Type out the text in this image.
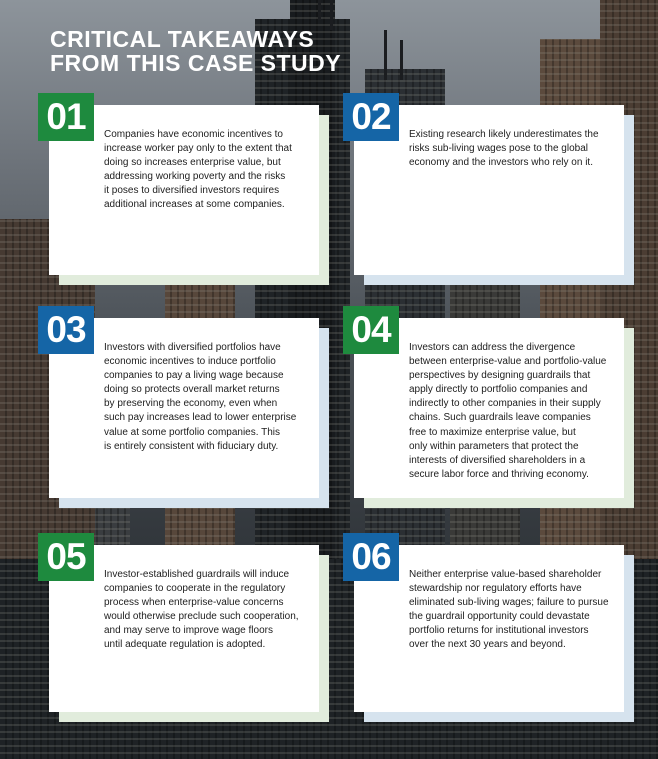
CRITICAL TAKEAWAYS
FROM THIS CASE STUDY
01	Companies have economic incentives to
increase worker pay only to the extent that
doing so increases enterprise value, but
addressing working poverty and the risks
it poses to diversified investors requires
additional increases at some companies.
02	Existing research likely underestimates the
risks sub-living wages pose to the global
economy and the investors who rely on it.
03	Investors with diversified portfolios have
economic incentives to induce portfolio
companies to pay a living wage because
doing so protects overall market returns
by preserving the economy, even when
such pay increases lead to lower enterprise
value at some portfolio companies. This
is entirely consistent with fiduciary duty.
04	Investors can address the divergence
between enterprise-value and portfolio-value
perspectives by designing guardrails that
apply directly to portfolio companies and
indirectly to other companies in their supply
chains. Such guardrails leave companies
free to maximize enterprise value, but
only within parameters that protect the
interests of diversified shareholders in a
secure labor force and thriving economy.
05	Investor-established guardrails will induce
companies to cooperate in the regulatory
process when enterprise-value concerns
would otherwise preclude such cooperation,
and may serve to improve wage floors
until adequate regulation is adopted.
06	Neither enterprise value-based shareholder
stewardship nor regulatory efforts have
eliminated sub-living wages; failure to pursue
the guardrail opportunity could devastate
portfolio returns for institutional investors
over the next 30 years and beyond.
